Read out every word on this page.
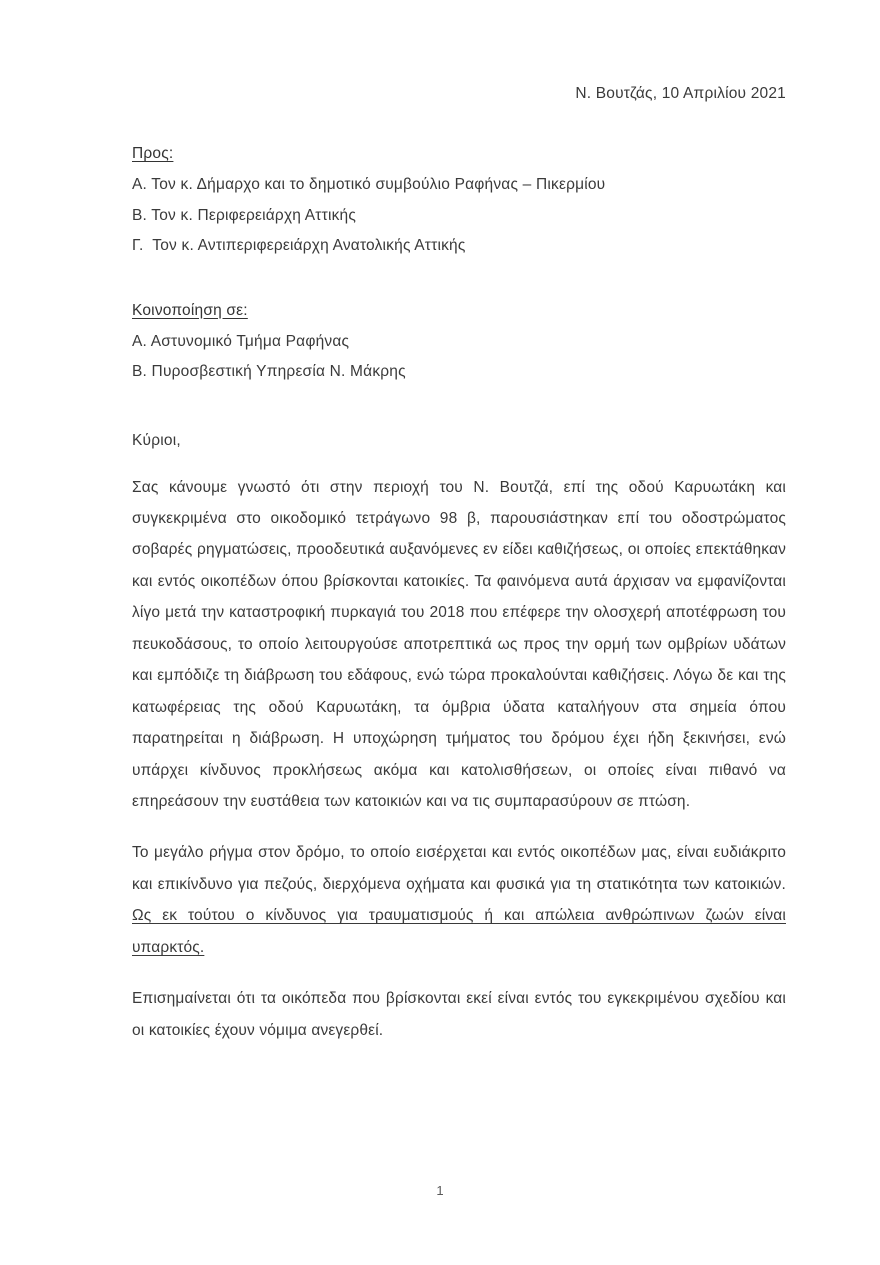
Ν. Βουτζάς, 10 Απριλίου 2021
Προς:
Α. Τον κ. Δήμαρχο και το δημοτικό συμβούλιο Ραφήνας – Πικερμίου
Β. Τον κ. Περιφερειάρχη Αττικής
Γ.  Τον κ. Αντιπεριφερειάρχη Ανατολικής Αττικής
Κοινοποίηση σε:
Α. Αστυνομικό Τμήμα Ραφήνας
Β. Πυροσβεστική Υπηρεσία Ν. Μάκρης
Κύριοι,

Σας κάνουμε γνωστό ότι στην περιοχή του Ν. Βουτζά, επί της οδού Καρυωτάκη και συγκεκριμένα στο οικοδομικό τετράγωνο 98 β, παρουσιάστηκαν επί του οδοστρώματος σοβαρές ρηγματώσεις, προοδευτικά αυξανόμενες εν είδει καθιζήσεως, οι οποίες επεκτάθηκαν και εντός οικοπέδων όπου βρίσκονται κατοικίες. Τα φαινόμενα αυτά άρχισαν να εμφανίζονται λίγο μετά την καταστροφική πυρκαγιά του 2018 που επέφερε την ολοσχερή αποτέφρωση του πευκοδάσους, το οποίο λειτουργούσε αποτρεπτικά ως προς την ορμή των ομβρίων υδάτων και εμπόδιζε τη διάβρωση του εδάφους, ενώ τώρα προκαλούνται καθιζήσεις. Λόγω δε και της κατωφέρειας της οδού Καρυωτάκη, τα όμβρια ύδατα καταλήγουν στα σημεία όπου παρατηρείται η διάβρωση. Η υποχώρηση τμήματος του δρόμου έχει ήδη ξεκινήσει, ενώ υπάρχει κίνδυνος προκλήσεως ακόμα και κατολισθήσεων, οι οποίες είναι πιθανό να επηρεάσουν την ευστάθεια των κατοικιών και να τις συμπαρασύρουν σε πτώση.

Το μεγάλο ρήγμα στον δρόμο, το οποίο εισέρχεται και εντός οικοπέδων μας, είναι ευδιάκριτο και επικίνδυνο για πεζούς, διερχόμενα οχήματα και φυσικά για τη στατικότητα των κατοικιών. Ως εκ τούτου ο κίνδυνος για τραυματισμούς ή και απώλεια ανθρώπινων ζωών είναι υπαρκτός.

Επισημαίνεται ότι τα οικόπεδα που βρίσκονται εκεί είναι εντός του εγκεκριμένου σχεδίου και οι κατοικίες έχουν νόμιμα ανεγερθεί.

1
